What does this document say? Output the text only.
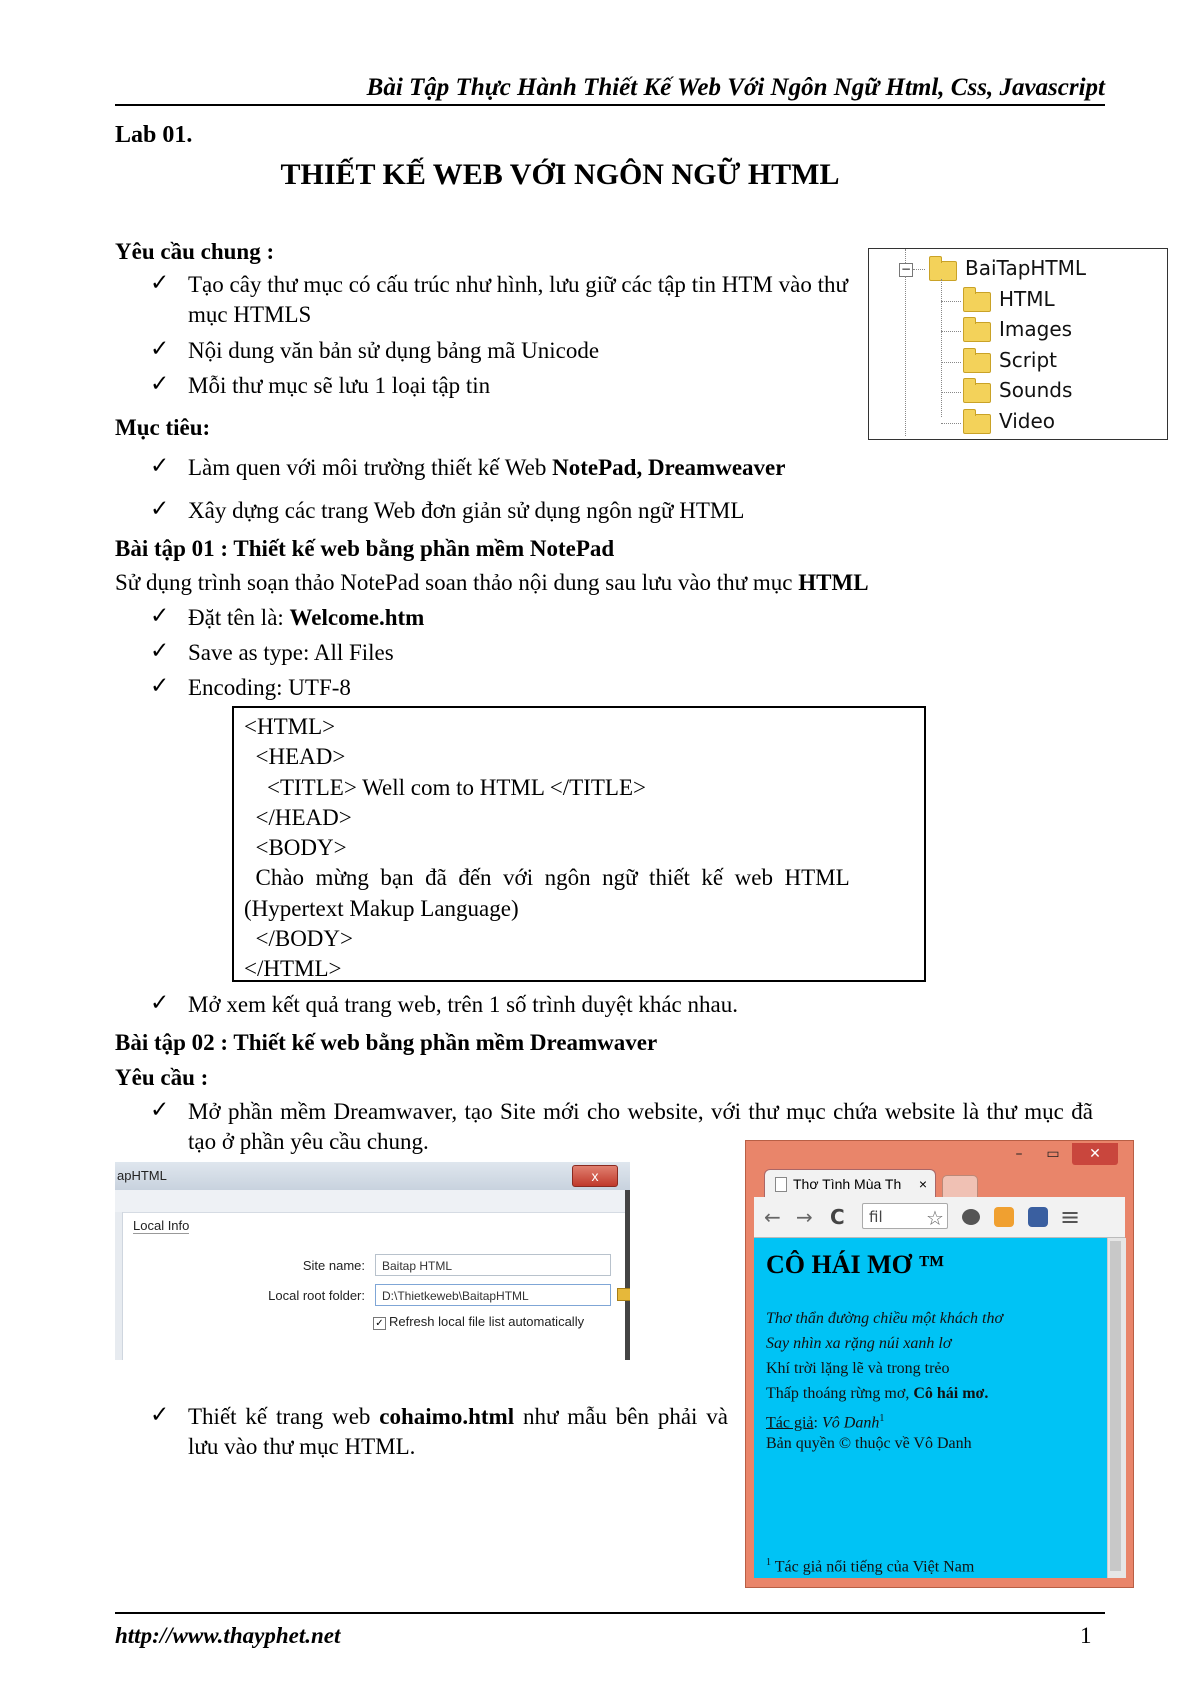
Bài Tập Thực Hành Thiết Kế Web Với Ngôn Ngữ Html, Css, Javascript
Lab 01.
THIẾT KẾ WEB VỚI NGÔN NGỮ HTML
Yêu cầu chung :
✓ Tạo cây thư mục có cấu trúc như hình, lưu giữ các tập tin HTM vào thư mục HTMLS
✓ Nội dung văn bản sử dụng bảng mã Unicode
✓ Mỗi thư mục sẽ lưu 1 loại tập tin
−	BaiTapHTML
HTML
Images
Script
Sounds
Video
Mục tiêu:
✓ Làm quen với môi trường thiết kế Web NotePad, Dreamweaver
✓ Xây dựng các trang Web đơn giản sử dụng ngôn ngữ HTML
Bài tập 01 : Thiết kế web bằng phần mềm NotePad
Sử dụng trình soạn thảo NotePad soan thảo nội dung sau lưu vào thư mục HTML
✓ Đặt tên là: Welcome.htm
✓ Save as type: All Files
✓ Encoding: UTF-8
<HTML>
<HEAD>
<TITLE> Well com to HTML </TITLE>
</HEAD>
<BODY>
Chào  mừng  bạn  đã  đến  với  ngôn  ngữ  thiết  kế  web  HTML
(Hypertext Makup Language)
</BODY>
</HTML>
✓ Mở xem kết quả trang web, trên 1 số trình duyệt khác nhau.
Bài tập 02 : Thiết kế web bằng phần mềm Dreamwaver
Yêu cầu :
✓ Mở phần mềm Dreamwaver, tạo Site mới cho website, với thư mục chứa website là thư mục đã tạo ở phần yêu cầu chung.
apHTML	x
Local Info
Site name:	Baitap HTML
Local root folder:	D:\Thietkeweb\BaitapHTML
✓ Refresh local file list automatically
✓ Thiết kế trang web cohaimo.html như mẫu bên phải và lưu vào thư mục HTML.
–	▭	✕
Thơ Tình Mùa Th ×
← → C	fil	☆	≡
CÔ HÁI MƠ ™
Thơ thẩn đường chiều một khách thơ
Say nhìn xa rặng núi xanh lơ
Khí trời lặng lẽ và trong trẻo
Thấp thoáng rừng mơ, Cô hái mơ.
Tác giả: Vô Danh$^1$
Bản quyền © thuộc về Vô Danh
$^1$ Tác giả nổi tiếng của Việt Nam
http://www.thayphet.net	1
